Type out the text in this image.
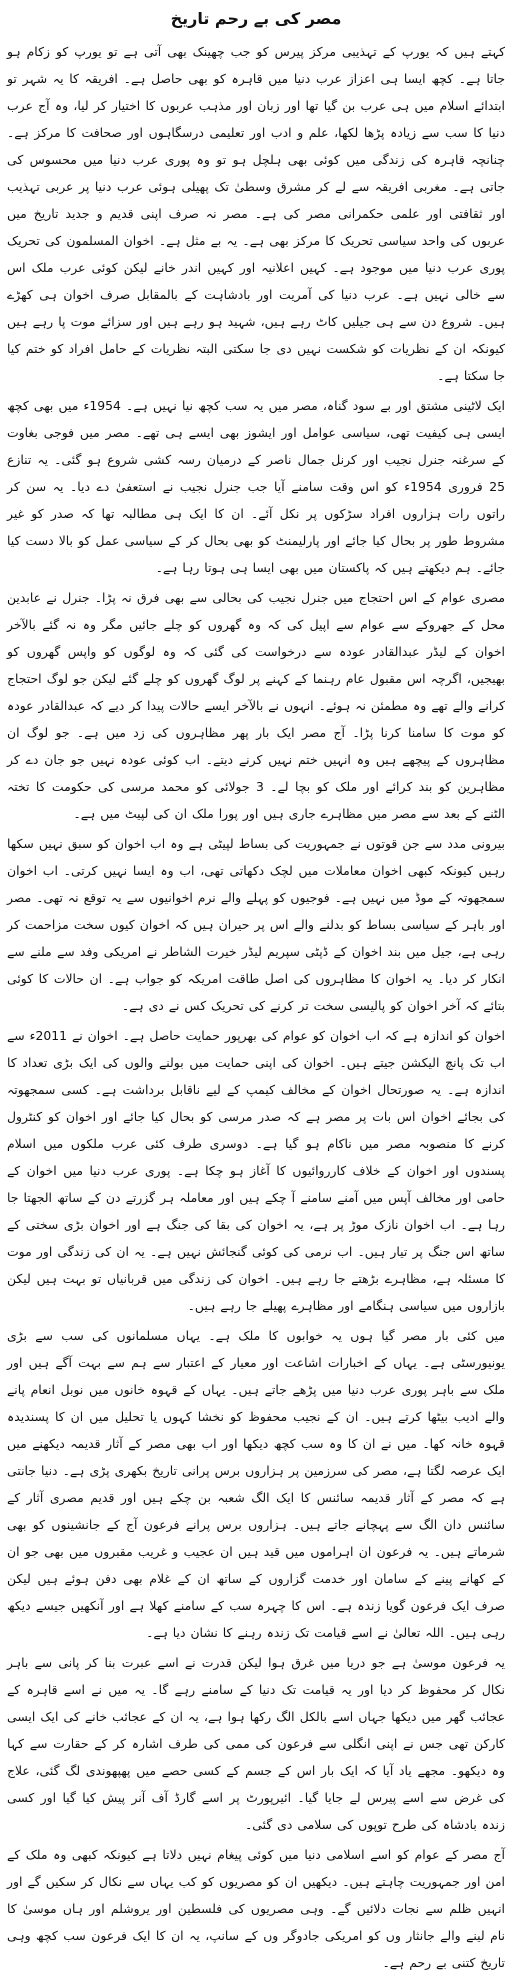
مصر کی بے رحم تاریخ

کہتے ہیں کہ یورپ کے تہذیبی مرکز پیرس کو جب چھینک بھی آتی ہے تو یورپ کو زکام ہو جاتا ہے۔ کچھ ایسا ہی اعزاز عرب دنیا میں قاہرہ کو بھی حاصل ہے۔ افریقہ کا یہ شہر تو ابتدائے اسلام میں ہی عرب بن گیا تھا اور زبان اور مذہب عربوں کا اختیار کر لیا، وہ آج عرب دنیا کا سب سے زیادہ پڑھا لکھا، علم و ادب اور تعلیمی درسگاہوں اور صحافت کا مرکز ہے۔ چنانچہ قاہرہ کی زندگی میں کوئی بھی ہلچل ہو تو وہ پوری عرب دنیا میں محسوس کی جاتی ہے۔ مغربی افریقہ سے لے کر مشرق وسطیٰ تک پھیلی ہوئی عرب دنیا پر عربی تہذیب اور ثقافتی اور علمی حکمرانی مصر کی ہے۔ مصر نہ صرف اپنی قدیم و جدید تاریخ میں عربوں کی واحد سیاسی تحریک کا مرکز بھی ہے۔ یہ بے مثل ہے۔ اخوان المسلمون کی تحریک پوری عرب دنیا میں موجود ہے۔ کہیں اعلانیہ اور کہیں اندر خانے لیکن کوئی عرب ملک اس سے خالی نہیں ہے۔ عرب دنیا کی آمریت اور بادشاہت کے بالمقابل صرف اخوان ہی کھڑے ہیں۔ شروع دن سے ہی جیلیں کاٹ رہے ہیں، شہید ہو رہے ہیں اور سزائے موت پا رہے ہیں کیونکہ ان کے نظریات کو شکست نہیں دی جا سکتی البتہ نظریات کے حامل افراد کو ختم کیا جا سکتا ہے۔

ایک لاٹینی مشتق اور بے سود گناہ، مصر میں یہ سب کچھ نیا نہیں ہے۔ 1954ء میں بھی کچھ ایسی ہی کیفیت تھی، سیاسی عوامل اور ایشوز بھی ایسے ہی تھے۔ مصر میں فوجی بغاوت کے سرغنہ جنرل نجیب اور کرنل جمال ناصر کے درمیان رسہ کشی شروع ہو گئی۔ یہ تنازع 25 فروری 1954ء کو اس وقت سامنے آیا جب جنرل نجیب نے استعفیٰ دے دیا۔ یہ سن کر راتوں رات ہزاروں افراد سڑکوں پر نکل آئے۔ ان کا ایک ہی مطالبہ تھا کہ صدر کو غیر مشروط طور پر بحال کیا جائے اور پارلیمنٹ کو بھی بحال کر کے سیاسی عمل کو بالا دست کیا جائے۔ ہم دیکھتے ہیں کہ پاکستان میں بھی ایسا ہی ہوتا رہا ہے۔

مصری عوام کے اس احتجاج میں جنرل نجیب کی بحالی سے بھی فرق نہ پڑا۔ جنرل نے عابدین محل کے جھروکے سے عوام سے اپیل کی کہ وہ گھروں کو چلے جائیں مگر وہ نہ گئے بالآخر اخوان کے لیڈر عبدالقادر عودہ سے درخواست کی گئی کہ وہ لوگوں کو واپس گھروں کو بھیجیں، اگرچہ اس مقبول عام رہنما کے کہنے پر لوگ گھروں کو چلے گئے لیکن جو لوگ احتجاج کرانے والے تھے وہ مطمئن نہ ہوئے۔ انہوں نے بالآخر ایسے حالات پیدا کر دیے کہ عبدالقادر عودہ کو موت کا سامنا کرنا پڑا۔ آج مصر ایک بار پھر مظاہروں کی زد میں ہے۔ جو لوگ ان مظاہروں کے پیچھے ہیں وہ انہیں ختم نہیں کرنے دیتے۔ اب کوئی عودہ نہیں جو جان دے کر مظاہرین کو بند کرائے اور ملک کو بچا لے۔ 3 جولائی کو محمد مرسی کی حکومت کا تختہ الٹنے کے بعد سے مصر میں مظاہرے جاری ہیں اور پورا ملک ان کی لپیٹ میں ہے۔

بیرونی مدد سے جن قوتوں نے جمہوریت کی بساط لپیٹی ہے وہ اب اخوان کو سبق نہیں سکھا رہیں کیونکہ کبھی اخوان معاملات میں لچک دکھاتی تھی، اب وہ ایسا نہیں کرتی۔ اب اخوان سمجھوتہ کے موڈ میں نہیں ہے۔ فوجیوں کو پہلے والے نرم اخوانیوں سے یہ توقع نہ تھی۔ مصر اور باہر کے سیاسی بساط کو بدلنے والے اس پر حیران ہیں کہ اخوان کیوں سخت مزاحمت کر رہی ہے، جیل میں بند اخوان کے ڈپٹی سپریم لیڈر خیرت الشاطر نے امریکی وفد سے ملنے سے انکار کر دیا۔ یہ اخوان کا مظاہروں کی اصل طاقت امریکہ کو جواب ہے۔ ان حالات کا کوئی بتائے کہ آخر اخوان کو پالیسی سخت تر کرنے کی تحریک کس نے دی ہے۔

اخوان کو اندازہ ہے کہ اب اخوان کو عوام کی بھرپور حمایت حاصل ہے۔ اخوان نے 2011ء سے اب تک پانچ الیکشن جیتے ہیں۔ اخوان کی اپنی حمایت میں بولنے والوں کی ایک بڑی تعداد کا اندازہ ہے۔ یہ صورتحال اخوان کے مخالف کیمپ کے لیے ناقابل برداشت ہے۔ کسی سمجھوتہ کی بجائے اخوان اس بات پر مصر ہے کہ صدر مرسی کو بحال کیا جائے اور اخوان کو کنٹرول کرنے کا منصوبہ مصر میں ناکام ہو گیا ہے۔ دوسری طرف کئی عرب ملکوں میں اسلام پسندوں اور اخوان کے خلاف کارروائیوں کا آغاز ہو چکا ہے۔ پوری عرب دنیا میں اخوان کے حامی اور مخالف آپس میں آمنے سامنے آ چکے ہیں اور معاملہ ہر گزرتے دن کے ساتھ الجھتا جا رہا ہے۔ اب اخوان نازک موڑ پر ہے، یہ اخوان کی بقا کی جنگ ہے اور اخوان بڑی سختی کے ساتھ اس جنگ پر تیار ہیں۔ اب نرمی کی کوئی گنجائش نہیں ہے۔ یہ ان کی زندگی اور موت کا مسئلہ ہے، مظاہرے بڑھتے جا رہے ہیں۔ اخوان کی زندگی میں قربانیاں تو بہت ہیں لیکن بازاروں میں سیاسی ہنگامے اور مظاہرے پھیلے جا رہے ہیں۔

میں کئی بار مصر گیا ہوں یہ خوابوں کا ملک ہے۔ یہاں مسلمانوں کی سب سے بڑی یونیورسٹی ہے۔ یہاں کے اخبارات اشاعت اور معیار کے اعتبار سے ہم سے بہت آگے ہیں اور ملک سے باہر پوری عرب دنیا میں پڑھے جاتے ہیں۔ یہاں کے قہوہ خانوں میں نوبل انعام پانے والے ادیب بیٹھا کرتے ہیں۔ ان کے نجیب محفوظ کو نخشا کہوں یا تحلیل میں ان کا پسندیدہ قہوہ خانہ کھا۔ میں نے ان کا وہ سب کچھ دیکھا اور اب بھی مصر کے آثار قدیمہ دیکھنے میں ایک عرصہ لگتا ہے، مصر کی سرزمین پر ہزاروں برس پرانی تاریخ بکھری پڑی ہے۔ دنیا جانتی ہے کہ مصر کے آثار قدیمہ سائنس کا ایک الگ شعبہ بن چکے ہیں اور قدیم مصری آثار کے سائنس دان الگ سے پہچانے جاتے ہیں۔ ہزاروں برس پرانے فرعون آج کے جانشینوں کو بھی شرماتے ہیں۔ یہ فرعون ان اہراموں میں قید ہیں ان عجیب و غریب مقبروں میں بھی جو ان کے کھانے پینے کے سامان اور خدمت گزاروں کے ساتھ ان کے غلام بھی دفن ہوئے ہیں لیکن صرف ایک فرعون گویا زندہ ہے۔ اس کا چہرہ سب کے سامنے کھلا ہے اور آنکھیں جیسے دیکھ رہی ہیں۔ اللہ تعالیٰ نے اسے قیامت تک زندہ رہنے کا نشان دیا ہے۔

یہ فرعون موسیٰ ہے جو دریا میں غرق ہوا لیکن قدرت نے اسے عبرت بنا کر پانی سے باہر نکال کر محفوظ کر دیا اور یہ قیامت تک دنیا کے سامنے رہے گا۔ یہ میں نے اسے قاہرہ کے عجائب گھر میں دیکھا جہاں اسے بالکل الگ رکھا ہوا ہے، یہ ان کے عجائب خانے کی ایک ایسی کارکن تھی جس نے اپنی انگلی سے فرعون کی ممی کی طرف اشارہ کر کے حقارت سے کہا وہ دیکھو۔ مجھے یاد آیا کہ ایک بار اس کے جسم کے کسی حصے میں پھپھوندی لگ گئی، علاج کی غرض سے اسے پیرس لے جایا گیا۔ ائیرپورٹ پر اسے گارڈ آف آنر پیش کیا گیا اور کسی زندہ بادشاہ کی طرح توپوں کی سلامی دی گئی۔

آج مصر کے عوام کو اسے اسلامی دنیا میں کوئی پیغام نہیں دلاتا ہے کیونکہ کبھی وہ ملک کے امن اور جمہوریت چاہتے ہیں۔ دیکھیں ان کو مصریوں کو کب یہاں سے نکال کر سکیں گے اور انہیں ظلم سے نجات دلائیں گے۔ وہی مصریوں کی فلسطین اور یروشلم اور ہاں موسیٰ کا نام لینے والے جانثار وں کو امریکی جادوگر وں کے سانپ، یہ ان کا ایک فرعون سب کچھ وہی تاریخ کتنی بے رحم ہے۔
